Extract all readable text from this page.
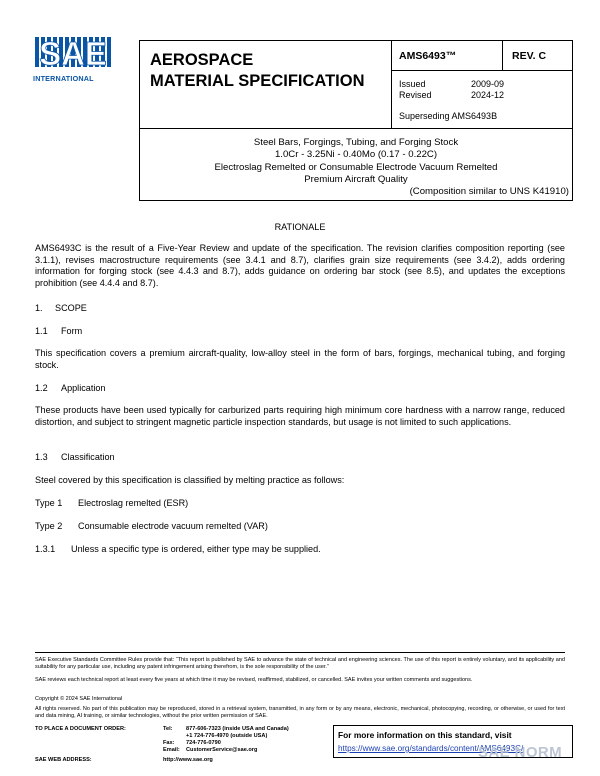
SAE
INTERNATIONAL
AEROSPACE
MATERIAL SPECIFICATION
AMS6493™	REV. C
Issued	2009-09
Revised	2024-12
Superseding AMS6493B
Steel Bars, Forgings, Tubing, and Forging Stock
1.0Cr - 3.25Ni - 0.40Mo (0.17 - 0.22C)
Electroslag Remelted or Consumable Electrode Vacuum Remelted
Premium Aircraft Quality
(Composition similar to UNS K41910)
RATIONALE
AMS6493C is the result of a Five-Year Review and update of the specification. The revision clarifies composition reporting (see 3.1.1), revises macrostructure requirements (see 3.4.1 and 8.7), clarifies grain size requirements (see 3.4.2), adds ordering information for forging stock (see 4.4.3 and 8.7), adds guidance on ordering bar stock (see 8.5), and updates the exceptions prohibition (see 4.4.4 and 8.7).
1. SCOPE
1.1 Form
This specification covers a premium aircraft-quality, low-alloy steel in the form of bars, forgings, mechanical tubing, and forging stock.
1.2 Application
These products have been used typically for carburized parts requiring high minimum core hardness with a narrow range, reduced distortion, and subject to stringent magnetic particle inspection standards, but usage is not limited to such applications.
1.3 Classification
Steel covered by this specification is classified by melting practice as follows:
Type 1 Electroslag remelted (ESR)
Type 2 Consumable electrode vacuum remelted (VAR)
1.3.1 Unless a specific type is ordered, either type may be supplied.
SAE Executive Standards Committee Rules provide that: “This report is published by SAE to advance the state of technical and engineering sciences. The use of this report is entirely voluntary, and its applicability and suitability for any particular use, including any patent infringement arising therefrom, is the sole responsibility of the user.”
SAE reviews each technical report at least every five years at which time it may be revised, reaffirmed, stabilized, or cancelled. SAE invites your written comments and suggestions.
Copyright © 2024 SAE International
All rights reserved. No part of this publication may be reproduced, stored in a retrieval system, transmitted, in any form or by any means, electronic, mechanical, photocopying, recording, or otherwise, or used for text and data mining, AI training, or similar technologies, without the prior written permission of SAE.
TO PLACE A DOCUMENT ORDER:	Tel: 877-606-7323 (inside USA and Canada)
+1 724-776-4970 (outside USA)
Fax: 724-776-0790
Email: CustomerService@sae.org
SAE WEB ADDRESS:	http://www.sae.org
For more information on this standard, visit
https://www.sae.org/standards/content/AMS6493C/
SAE NORM
